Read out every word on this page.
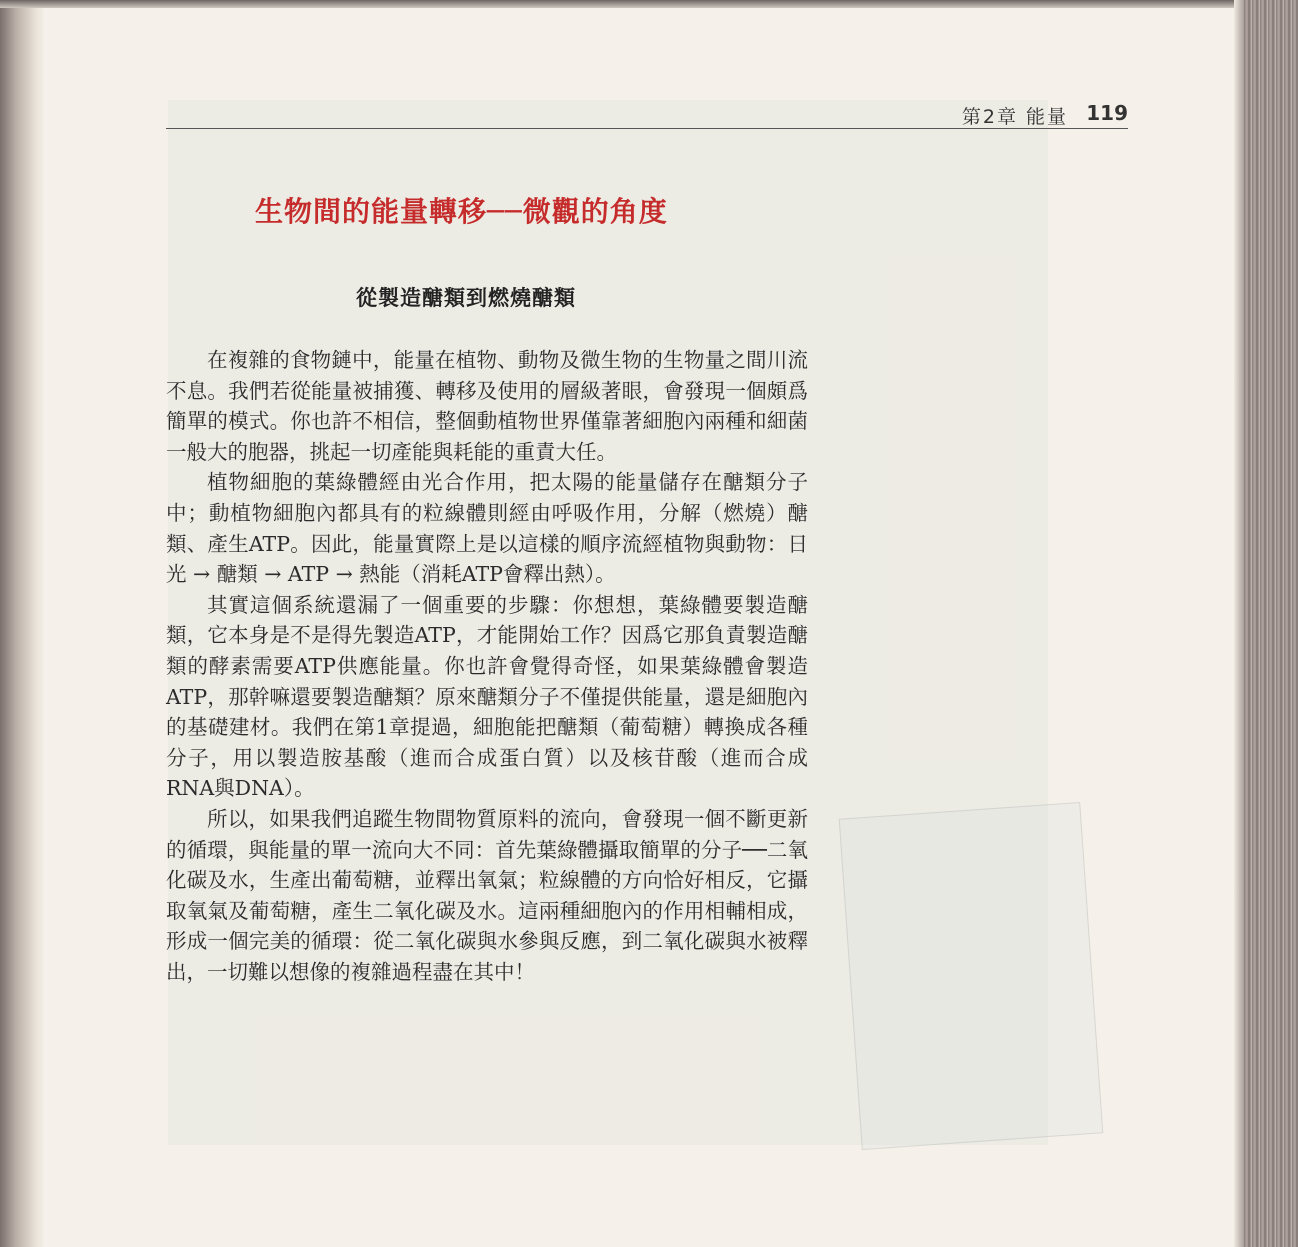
第2章 能量 119
生物間的能量轉移──微觀的角度
從製造醣類到燃燒醣類

在複雜的食物鏈中，能量在植物、動物及微生物的生物量之間川流不息。我們若從能量被捕獲、轉移及使用的層級著眼，會發現一個頗爲簡單的模式。你也許不相信，整個動植物世界僅靠著細胞內兩種和細菌一般大的胞器，挑起一切產能與耗能的重責大任。

植物細胞的葉綠體經由光合作用，把太陽的能量儲存在醣類分子中；動植物細胞內都具有的粒線體則經由呼吸作用，分解（燃燒）醣類、產生ATP。因此，能量實際上是以這樣的順序流經植物與動物：日光 → 醣類 → ATP → 熱能（消耗ATP會釋出熱）。

其實這個系統還漏了一個重要的步驟：你想想，葉綠體要製造醣類，它本身是不是得先製造ATP，才能開始工作？因爲它那負責製造醣類的酵素需要ATP供應能量。你也許會覺得奇怪，如果葉綠體會製造ATP，那幹嘛還要製造醣類？原來醣類分子不僅提供能量，還是細胞內的基礎建材。我們在第1章提過，細胞能把醣類（葡萄糖）轉換成各種分子，用以製造胺基酸（進而合成蛋白質）以及核苷酸（進而合成RNA與DNA）。

所以，如果我們追蹤生物間物質原料的流向，會發現一個不斷更新的循環，與能量的單一流向大不同：首先葉綠體攝取簡單的分子──二氧化碳及水，生產出葡萄糖，並釋出氧氣；粒線體的方向恰好相反，它攝取氧氣及葡萄糖，產生二氧化碳及水。這兩種細胞內的作用相輔相成，形成一個完美的循環：從二氧化碳與水參與反應，到二氧化碳與水被釋出，一切難以想像的複雜過程盡在其中！
